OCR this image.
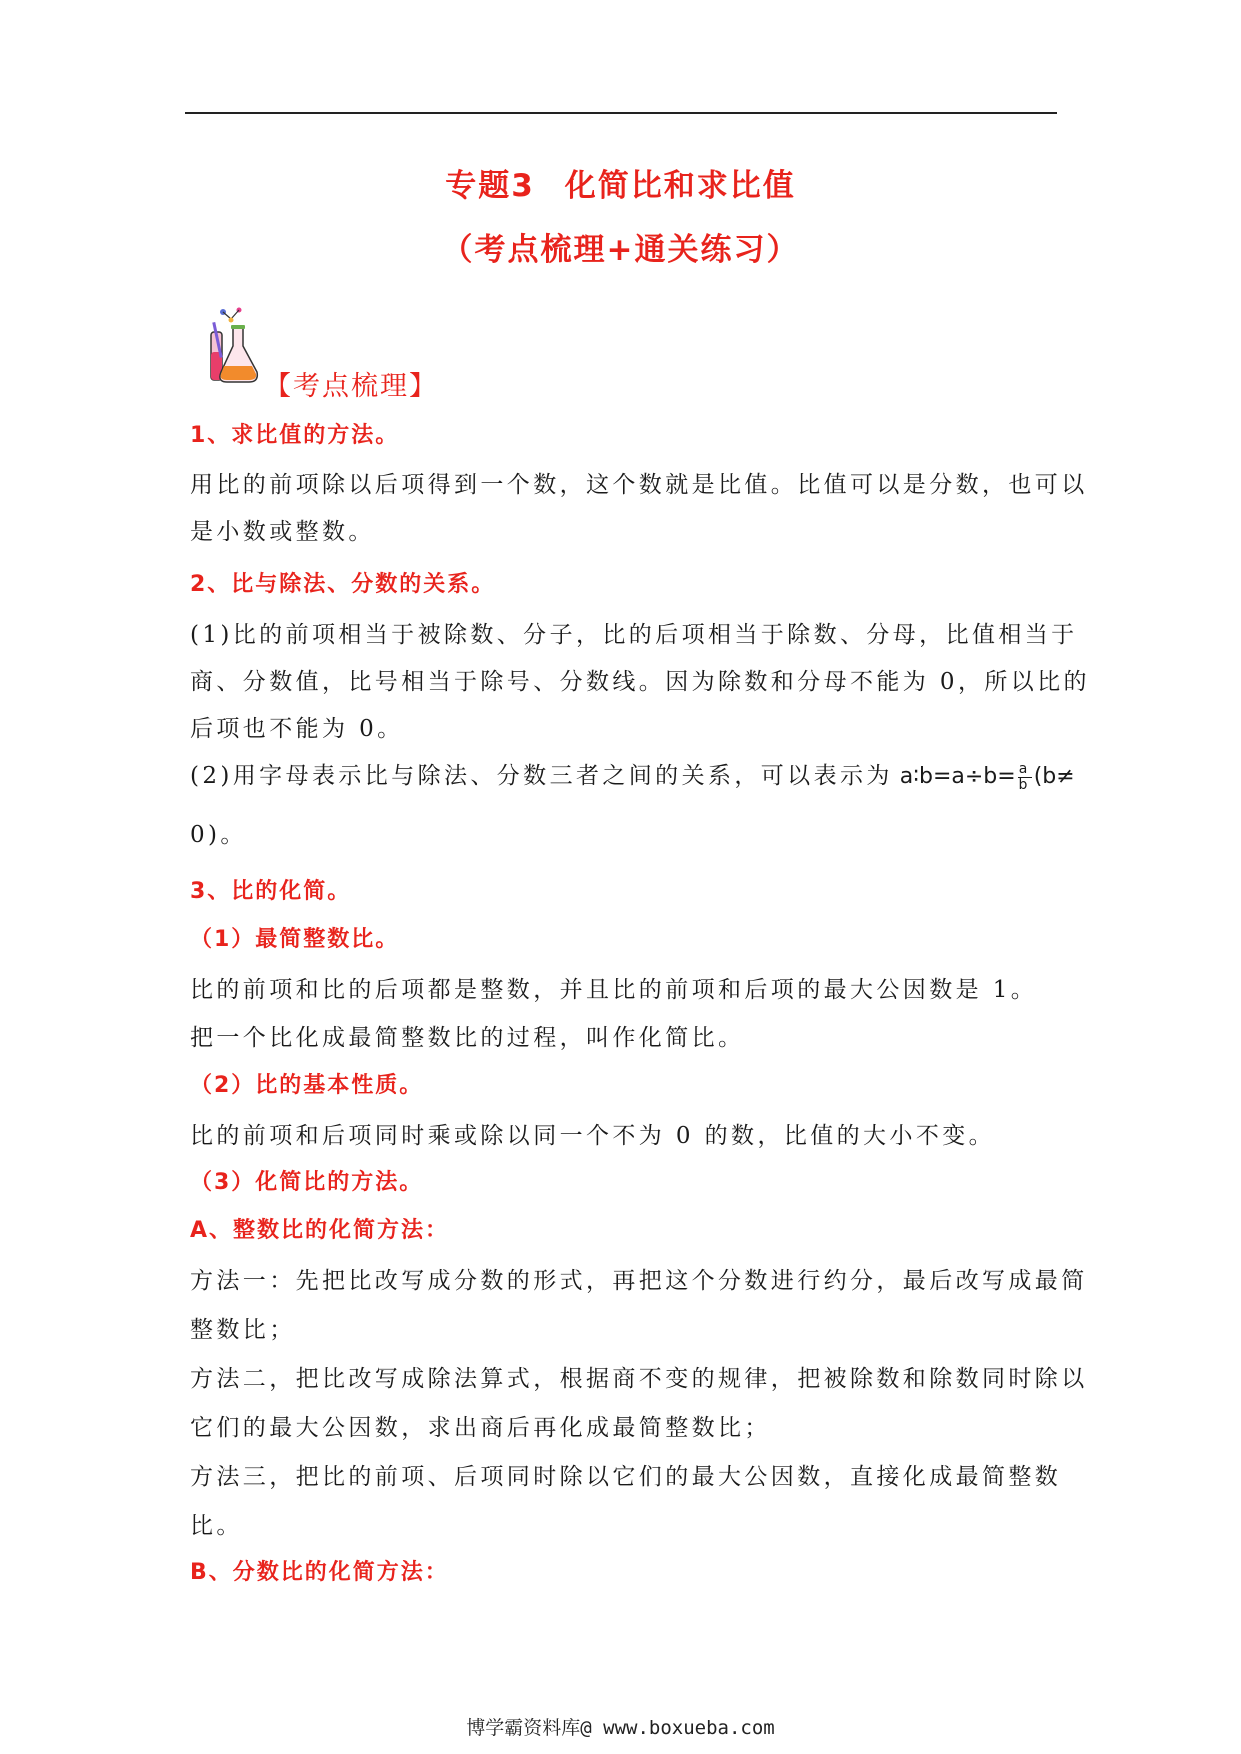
专题3 化简比和求比值
（考点梳理+通关练习）
【考点梳理】
1、求比值的方法。
用比的前项除以后项得到一个数，这个数就是比值。比值可以是分数，也可以
是小数或整数。
2、比与除法、分数的关系。
(1)比的前项相当于被除数、分子，比的后项相当于除数、分母，比值相当于
商、分数值，比号相当于除号、分数线。因为除数和分母不能为 0，所以比的
后项也不能为 0。
(2)用字母表示比与除法、分数三者之间的关系，可以表示为 a∶b=a÷b= $\frac{a}{b} (b\ne$
0)。
3、比的化简。
（1）最简整数比。
比的前项和比的后项都是整数，并且比的前项和后项的最大公因数是 1。
把一个比化成最简整数比的过程，叫作化简比。
（2）比的基本性质。
比的前项和后项同时乘或除以同一个不为 0 的数，比值的大小不变。
（3）化简比的方法。
A、整数比的化简方法：
方法一：先把比改写成分数的形式，再把这个分数进行约分，最后改写成最简
整数比；
方法二，把比改写成除法算式，根据商不变的规律，把被除数和除数同时除以
它们的最大公因数，求出商后再化成最简整数比；
方法三，把比的前项、后项同时除以它们的最大公因数，直接化成最简整数
比。
B、分数比的化简方法：
博学霸资料库@ www.boxueba.com
